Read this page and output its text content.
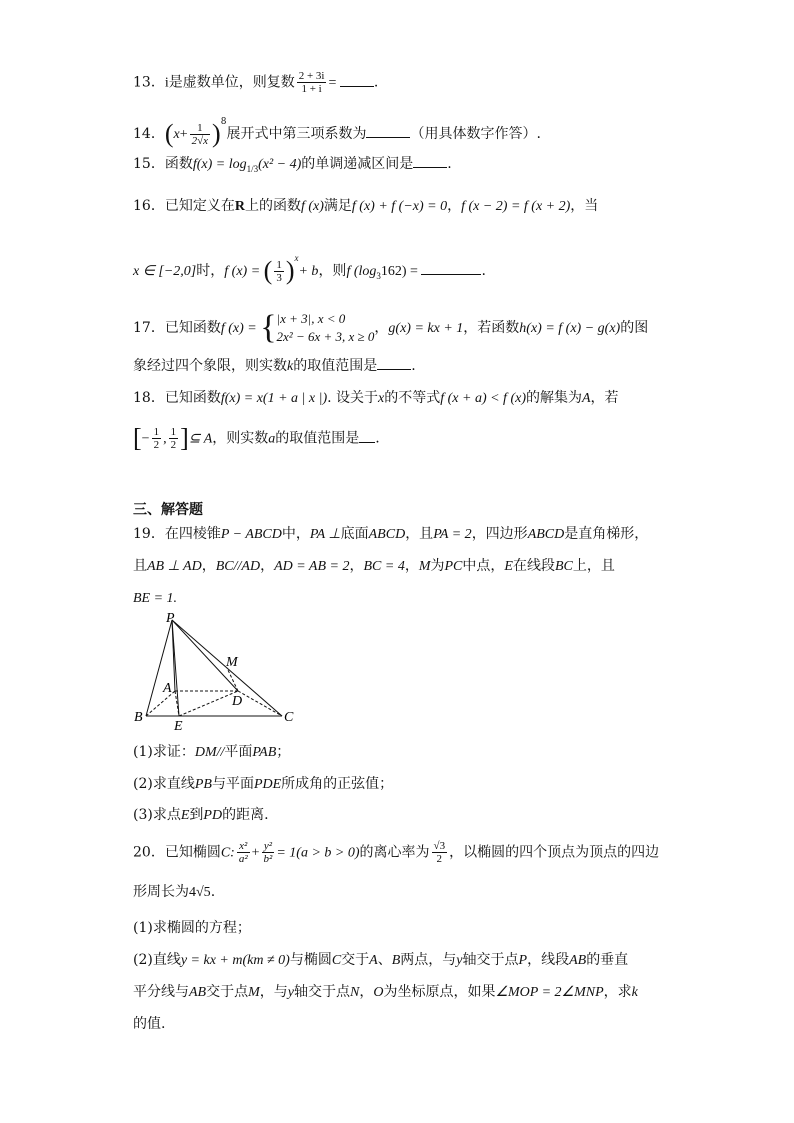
13．i是虚数单位，则复数 $\frac{2 + 3i}{1 + i}$ = .
14．$(x+ \frac{1}{2√x} )^8$展开式中第三项系数为	（用具体数字作答）.
15．函数$f(x) = \log_{1/3}(x^2 - 4)$的单调递减区间是 .
16．已知定义在R上的函数f (x)满足f (x) + f (−x) = 0，f (x − 2) = f (x + 2)，当
x ∈ [−2,0]时，f (x) = ( $\frac{1}{3} )^x+ b$，则f $(\log_3162)$ =	.
17．已知函数f (x) = { |x + 3|, x < 0
2x² − 6x + 3, x ≥ 0
，g(x) = kx + 1，若函数h(x) = f (x) − g(x)的图
象经过四个象限，则实数k的取值范围是 .
18．已知函数f(x) = x(1 + a | x |). 设关于x的不等式f (x + a) < f (x)的解集为A，若
[− $\frac{1}{2}$ , $\frac{1}{2}$ ]⊆ A，则实数a的取值范围是 .
三、解答题
19．在四棱锥P − ABCD中，PA ⊥底面ABCD，且PA = 2，四边形ABCD是直角梯形，
且AB ⊥ AD，BC//AD，AD = AB = 2，BC = 4，M为PC中点，E在线段BC上，且
BE = 1.
P
M
A
D
B
E
C
(1)求证：DM//平面PAB；
(2)求直线PB与平面PDE所成角的正弦值；
(3)求点E到PD的距离.
20．已知椭圆C: $\frac{\text{x²}}{\text{a²}} + \frac{\text{y²}}{\text{b²}} = 1(a > b > 0)$的离心率为 $\frac{√3}{2}$ ，以椭圆的四个顶点为顶点的四边
形周长为4√5.
(1)求椭圆的方程；
(2)直线y = kx + m(km ≠ 0)与椭圆C交于A、B两点，与y轴交于点P，线段AB的垂直
平分线与AB交于点M，与y轴交于点N，O为坐标原点，如果∠MOP = 2∠MNP，求k
的值.
